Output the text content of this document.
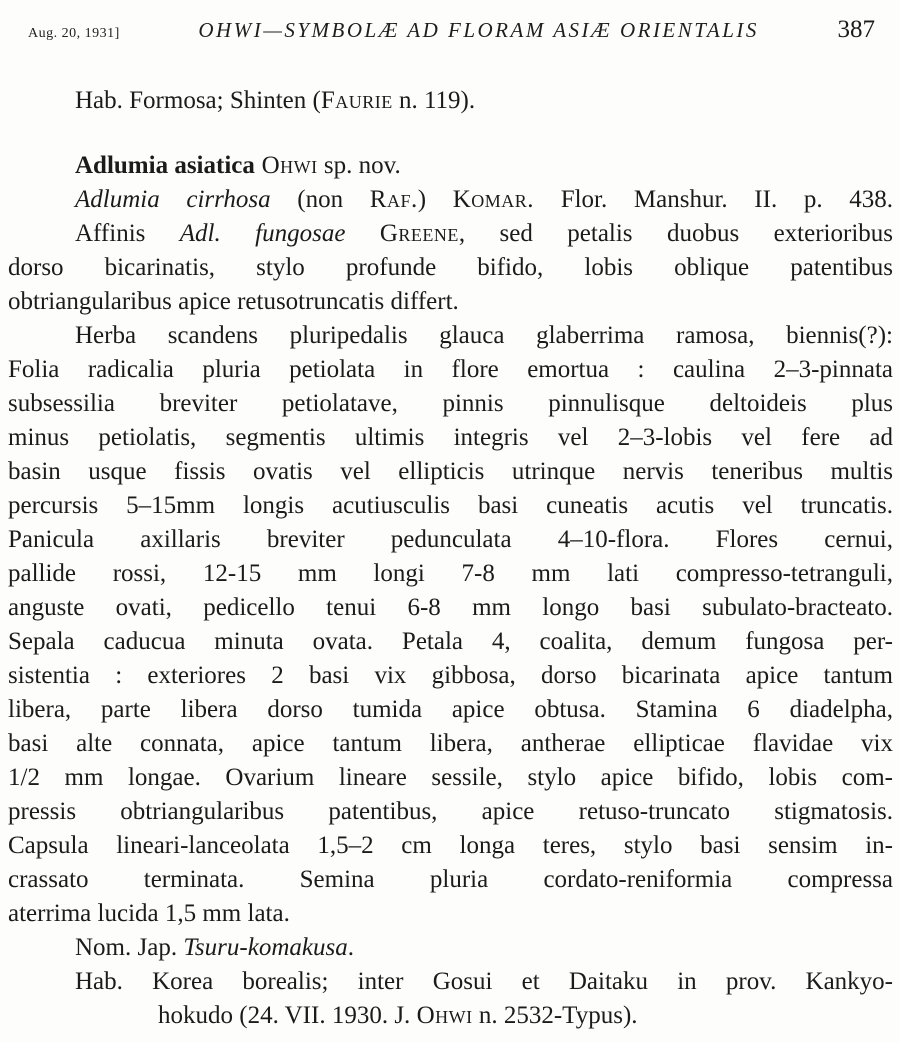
Aug. 20, 1931]	OHWI—SYMBOLÆ AD FLORAM ASIÆ ORIENTALIS	387
Hab. Formosa; Shinten (Faurie n. 119).
Adlumia asiatica Ohwi sp. nov.
Adlumia cirrhosa (non Raf.) Komar. Flor. Manshur. II. p. 438.
Affinis Adl. fungosae Greene, sed petalis duobus exterioribus
dorso bicarinatis, stylo profunde bifido, lobis oblique patentibus
obtriangularibus apice retusotruncatis differt.
Herba scandens pluripedalis glauca glaberrima ramosa, biennis(?):
Folia radicalia pluria petiolata in flore emortua : caulina 2–3-pinnata
subsessilia breviter petiolatave, pinnis pinnulisque deltoideis plus
minus petiolatis, segmentis ultimis integris vel 2–3-lobis vel fere ad
basin usque fissis ovatis vel ellipticis utrinque nervis teneribus multis
percursis 5–15mm longis acutiusculis basi cuneatis acutis vel truncatis.
Panicula axillaris breviter pedunculata 4–10-flora. Flores cernui,
pallide rossi, 12-15 mm longi 7-8 mm lati compresso-tetranguli,
anguste ovati, pedicello tenui 6-8 mm longo basi subulato-bracteato.
Sepala caducua minuta ovata. Petala 4, coalita, demum fungosa per-
sistentia : exteriores 2 basi vix gibbosa, dorso bicarinata apice tantum
libera, parte libera dorso tumida apice obtusa. Stamina 6 diadelpha,
basi alte connata, apice tantum libera, antherae ellipticae flavidae vix
1/2 mm longae. Ovarium lineare sessile, stylo apice bifido, lobis com-
pressis obtriangularibus patentibus, apice retuso-truncato stigmatosis.
Capsula lineari-lanceolata 1,5–2 cm longa teres, stylo basi sensim in-
crassato terminata. Semina pluria cordato-reniformia compressa
aterrima lucida 1,5 mm lata.
Nom. Jap. Tsuru-komakusa.
Hab. Korea borealis; inter Gosui et Daitaku in prov. Kankyo-
hokudo (24. VII. 1930. J. Ohwi n. 2532-Typus).
